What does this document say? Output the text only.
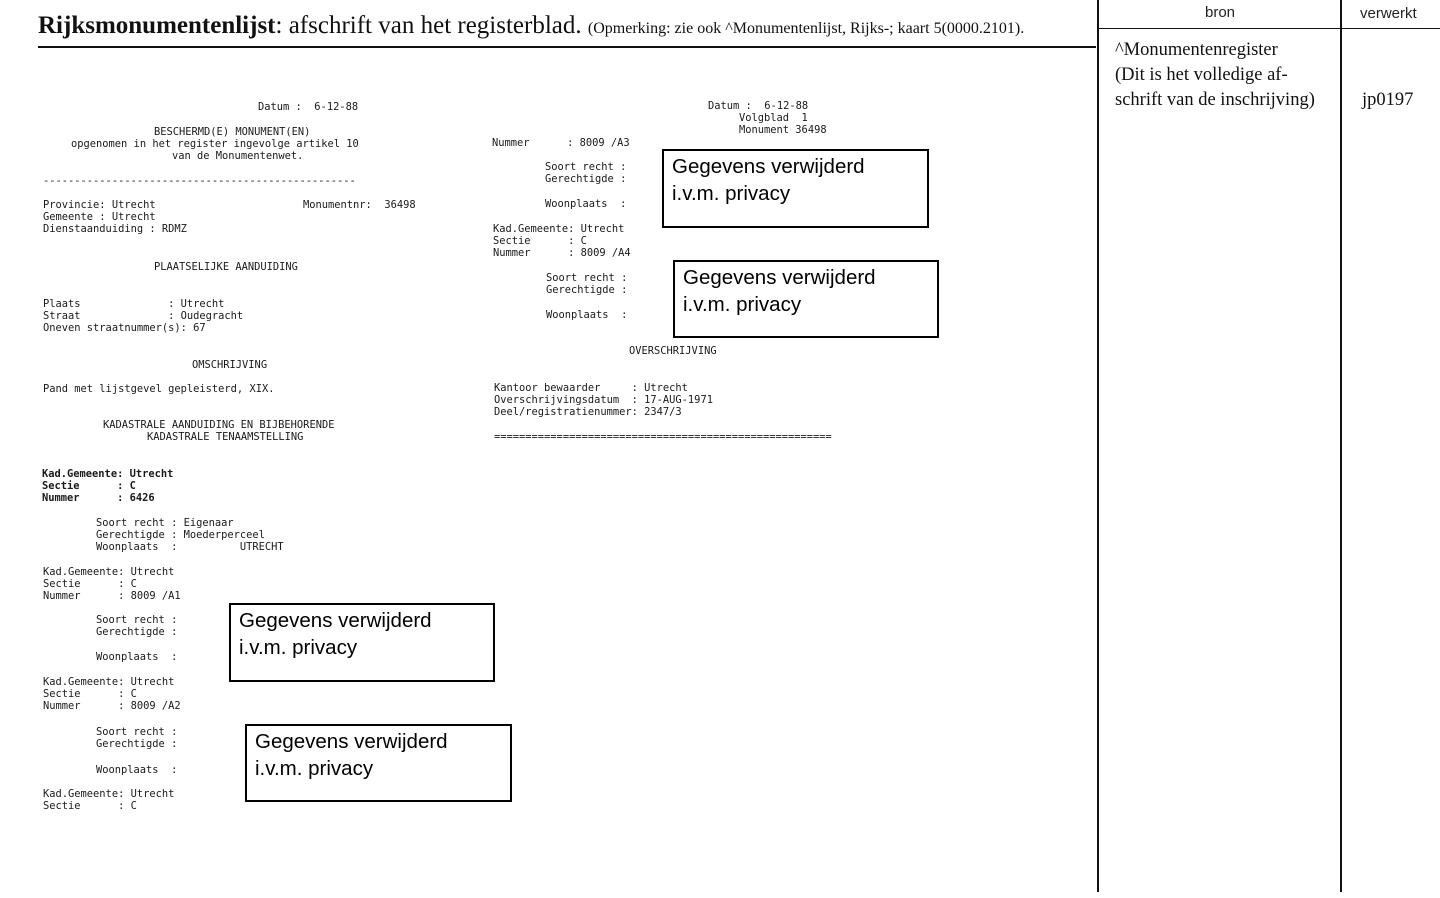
Rijksmonumentenlijst: afschrift van het registerblad. (Opmerking: zie ook ^Monumentenlijst, Rijks-; kaart 5(0000.2101).
bron	verwerkt
^Monumentenregister
(Dit is het volledige af-
schrift van de inschrijving)	jp0197
Datum :  6-12-88
BESCHERMD(E) MONUMENT(EN)
opgenomen in het register ingevolge artikel 10
van de Monumentenwet.
--------------------------------------------------
Provincie: Utrecht	Monumentnr:  36498
Gemeente : Utrecht
Dienstaanduiding : RDMZ
PLAATSELIJKE AANDUIDING
Plaats              : Utrecht
Straat              : Oudegracht
Oneven straatnummer(s): 67
OMSCHRIJVING
Pand met lijstgevel gepleisterd, XIX.
KADASTRALE AANDUIDING EN BIJBEHORENDE
KADASTRALE TENAAMSTELLING
Kad.Gemeente: Utrecht
Sectie      : C
Nummer      : 6426
Soort recht : Eigenaar
Gerechtigde : Moederperceel
Woonplaats  :          UTRECHT
Kad.Gemeente: Utrecht
Sectie      : C
Nummer      : 8009 /A1
Soort recht :
Gerechtigde :
Woonplaats  :
Gegevens verwijderd
i.v.m. privacy
Kad.Gemeente: Utrecht
Sectie      : C
Nummer      : 8009 /A2
Soort recht :
Gerechtigde :
Woonplaats  :
Gegevens verwijderd
i.v.m. privacy
Kad.Gemeente: Utrecht
Sectie      : C
Datum :  6-12-88
Volgblad  1
Monument 36498
Nummer      : 8009 /A3
Soort recht :
Gerechtigde :
Woonplaats  :
Gegevens verwijderd
i.v.m. privacy
Kad.Gemeente: Utrecht
Sectie      : C
Nummer      : 8009 /A4
Soort recht :
Gerechtigde :
Woonplaats  :
Gegevens verwijderd
i.v.m. privacy
OVERSCHRIJVING
Kantoor bewaarder     : Utrecht
Overschrijvingsdatum  : 17-AUG-1971
Deel/registratienummer: 2347/3
======================================================
